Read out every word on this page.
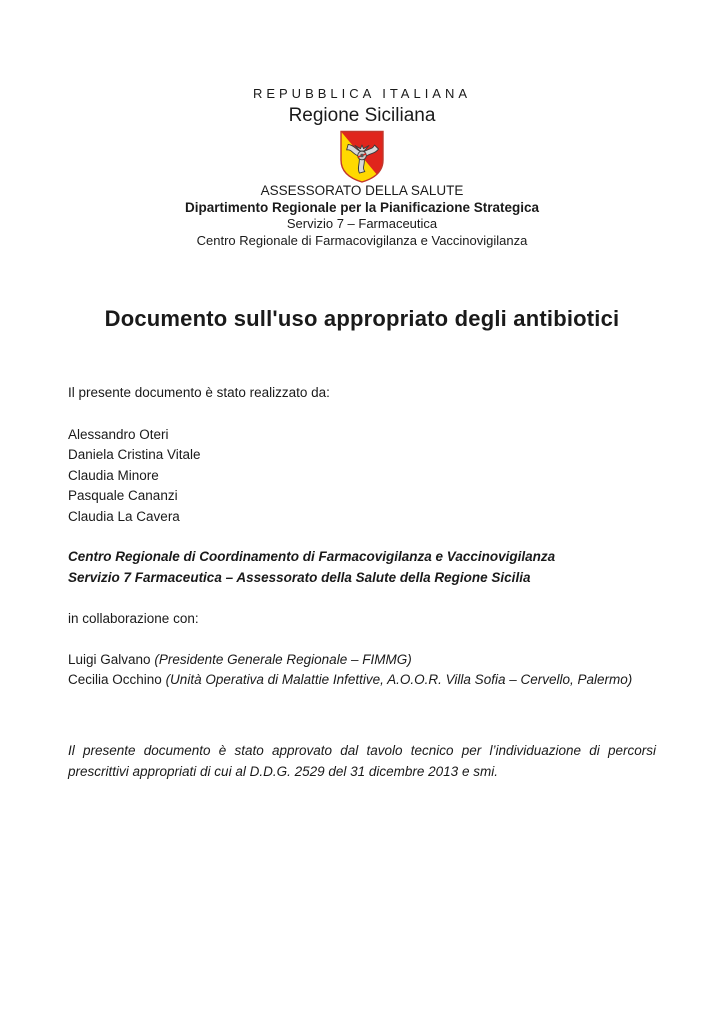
REPUBBLICA ITALIANA
Regione Siciliana
ASSESSORATO DELLA SALUTE
Dipartimento Regionale per la Pianificazione Strategica
Servizio 7 – Farmaceutica
Centro Regionale di Farmacovigilanza e Vaccinovigilanza
Documento sull'uso appropriato degli antibiotici
Il presente documento è stato realizzato da:
Alessandro Oteri
Daniela Cristina Vitale
Claudia Minore
Pasquale Cananzi
Claudia La Cavera
Centro Regionale di Coordinamento di Farmacovigilanza e Vaccinovigilanza
Servizio 7 Farmaceutica – Assessorato della Salute della Regione Sicilia
in collaborazione con:
Luigi Galvano (Presidente Generale Regionale – FIMMG)
Cecilia Occhino (Unità Operativa di Malattie Infettive, A.O.O.R. Villa Sofia – Cervello, Palermo)
Il presente documento è stato approvato dal tavolo tecnico per l’individuazione di percorsi prescrittivi appropriati di cui al D.D.G. 2529 del 31 dicembre 2013 e smi.
